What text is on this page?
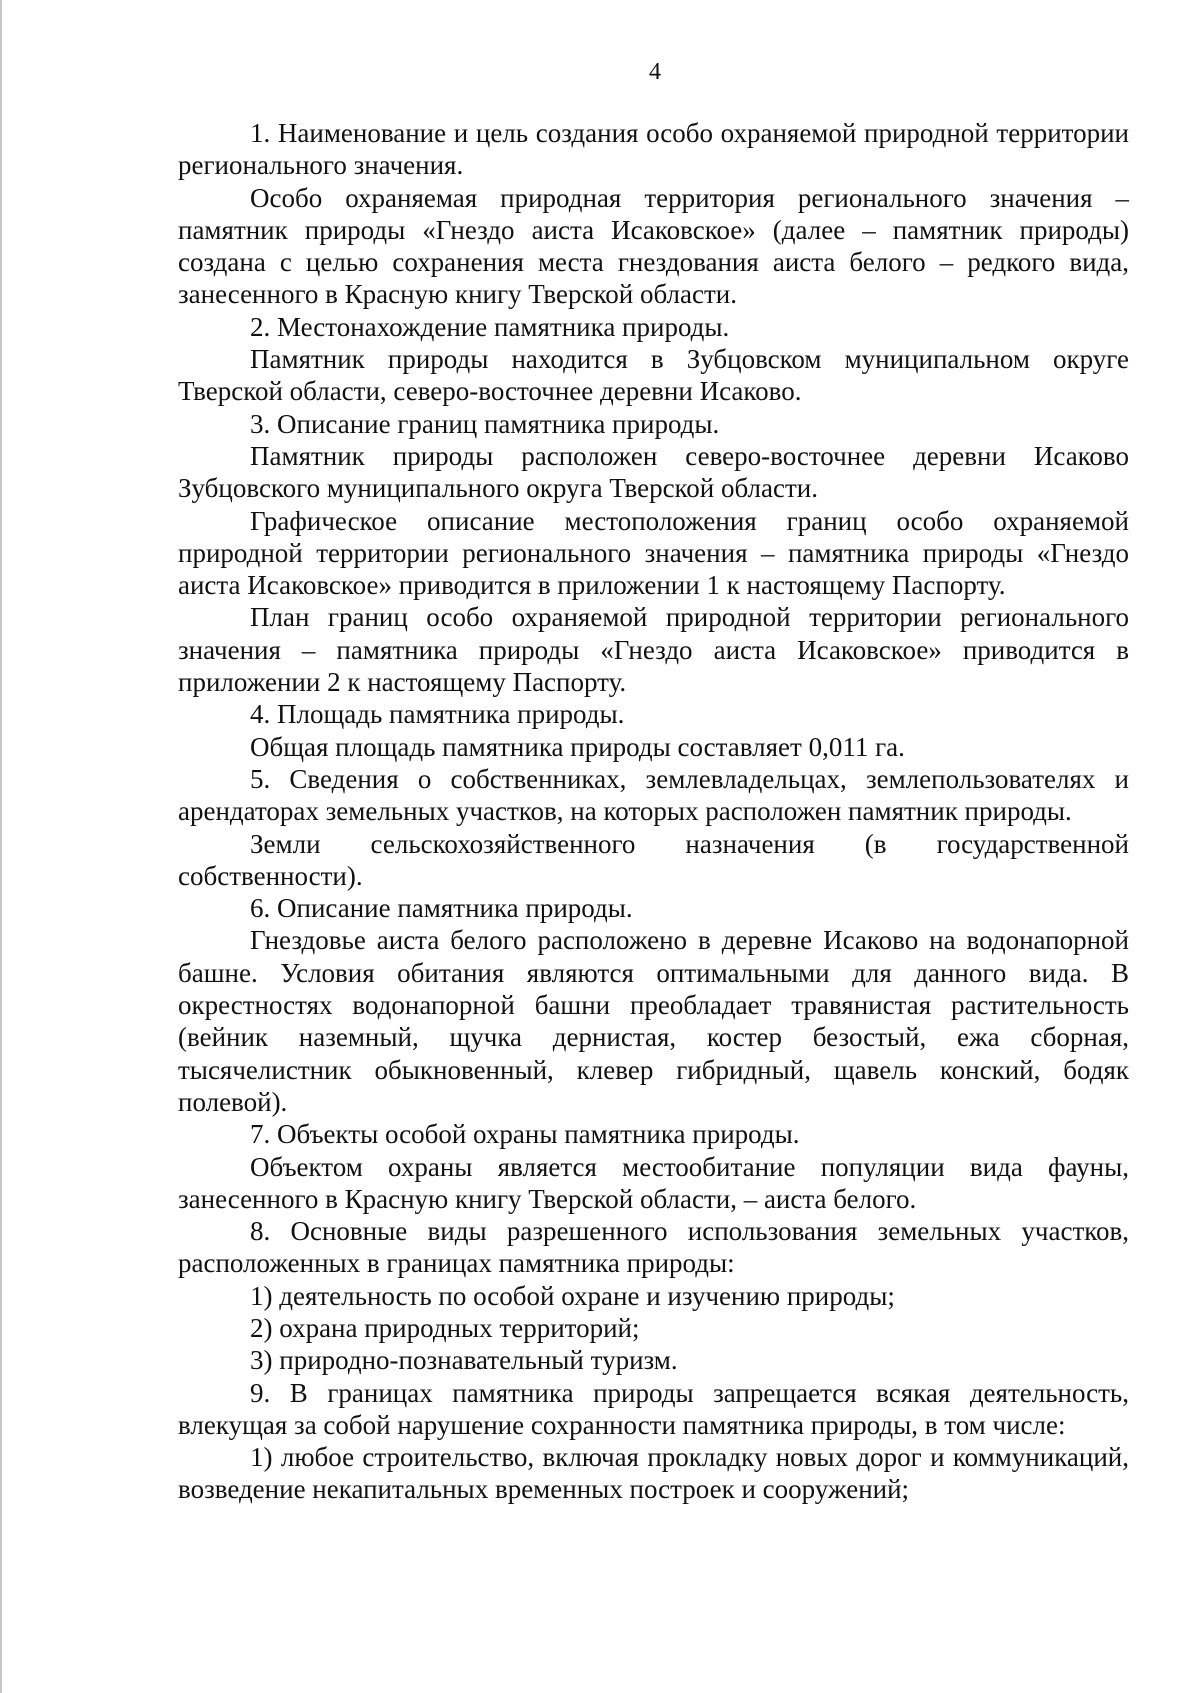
4

1. Наименование и цель создания особо охраняемой природной территории регионального значения.

Особо охраняемая природная территория регионального значения – памятник природы «Гнездо аиста Исаковское» (далее – памятник природы) создана с целью сохранения места гнездования аиста белого – редкого вида, занесенного в Красную книгу Тверской области.

2. Местонахождение памятника природы.

Памятник природы находится в Зубцовском муниципальном округе Тверской области, северо-восточнее деревни Исаково.

3. Описание границ памятника природы.

Памятник природы расположен северо-восточнее деревни Исаково Зубцовского муниципального округа Тверской области.

Графическое описание местоположения границ особо охраняемой природной территории регионального значения – памятника природы «Гнездо аиста Исаковское» приводится в приложении 1 к настоящему Паспорту.

План границ особо охраняемой природной территории регионального значения – памятника природы «Гнездо аиста Исаковское» приводится в приложении 2 к настоящему Паспорту.

4. Площадь памятника природы.

Общая площадь памятника природы составляет 0,011 га.

5. Сведения о собственниках, землевладельцах, землепользователях и арендаторах земельных участков, на которых расположен памятник природы.

Земли сельскохозяйственного назначения (в государственной собственности).

6. Описание памятника природы.

Гнездовье аиста белого расположено в деревне Исаково на водонапорной башне. Условия обитания являются оптимальными для данного вида. В окрестностях водонапорной башни преобладает травянистая растительность (вейник наземный, щучка дернистая, костер безостый, ежа сборная, тысячелистник обыкновенный, клевер гибридный, щавель конский, бодяк полевой).

7. Объекты особой охраны памятника природы.

Объектом охраны является местообитание популяции вида фауны, занесенного в Красную книгу Тверской области, – аиста белого.

8. Основные виды разрешенного использования земельных участков, расположенных в границах памятника природы:

1) деятельность по особой охране и изучению природы;

2) охрана природных территорий;

3) природно-познавательный туризм.

9. В границах памятника природы запрещается всякая деятельность, влекущая за собой нарушение сохранности памятника природы, в том числе:

1) любое строительство, включая прокладку новых дорог и коммуникаций, возведение некапитальных временных построек и сооружений;
